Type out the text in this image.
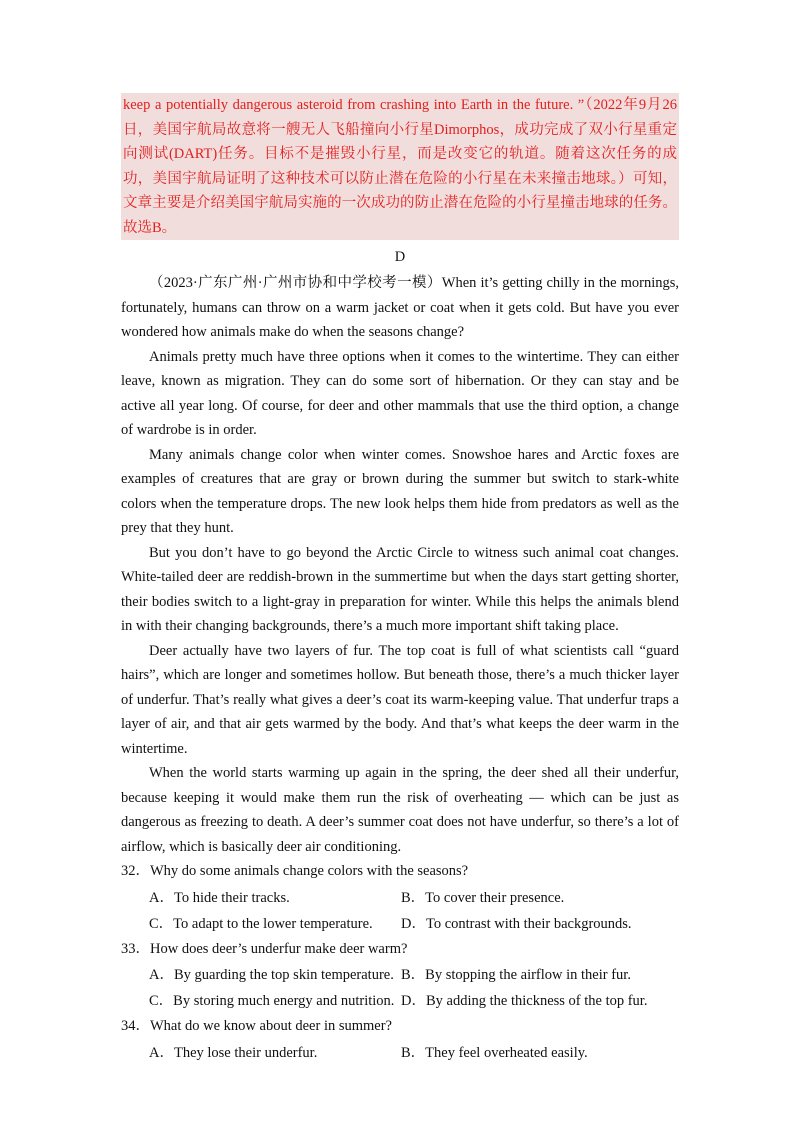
keep a potentially dangerous asteroid from crashing into Earth in the future. ”（2022年9月26日，美国宇航局故意将一艘无人飞船撞向小行星Dimorphos，成功完成了双小行星重定向测试(DART)任务。目标不是摧毁小行星，而是改变它的轨道。随着这次任务的成功，美国宇航局证明了这种技术可以防止潜在危险的小行星在未来撞击地球。）可知，文章主要是介绍美国宇航局实施的一次成功的防止潜在危险的小行星撞击地球的任务。故选B。

D

（2023·广东广州·广州市协和中学校考一模）When it’s getting chilly in the mornings, fortunately, humans can throw on a warm jacket or coat when it gets cold. But have you ever wondered how animals make do when the seasons change?

Animals pretty much have three options when it comes to the wintertime. They can either leave, known as migration. They can do some sort of hibernation. Or they can stay and be active all year long. Of course, for deer and other mammals that use the third option, a change of wardrobe is in order.

Many animals change color when winter comes. Snowshoe hares and Arctic foxes are examples of creatures that are gray or brown during the summer but switch to stark-white colors when the temperature drops. The new look helps them hide from predators as well as the prey that they hunt.

But you don’t have to go beyond the Arctic Circle to witness such animal coat changes. White-tailed deer are reddish-brown in the summertime but when the days start getting shorter, their bodies switch to a light-gray in preparation for winter. While this helps the animals blend in with their changing backgrounds, there’s a much more important shift taking place.

Deer actually have two layers of fur. The top coat is full of what scientists call “guard hairs”, which are longer and sometimes hollow. But beneath those, there’s a much thicker layer of underfur. That’s really what gives a deer’s coat its warm-keeping value. That underfur traps a layer of air, and that air gets warmed by the body. And that’s what keeps the deer warm in the wintertime.

When the world starts warming up again in the spring, the deer shed all their underfur, because keeping it would make them run the risk of overheating — which can be just as dangerous as freezing to death. A deer’s summer coat does not have underfur, so there’s a lot of airflow, which is basically deer air conditioning.

32．Why do some animals change colors with the seasons?
A．To hide their tracks.	B．To cover their presence.
C．To adapt to the lower temperature.	D．To contrast with their backgrounds.
33．How does deer’s underfur make deer warm?
A．By guarding the top skin temperature. B．By stopping the airflow in their fur.
C．By storing much energy and nutrition. D．By adding the thickness of the top fur.
34．What do we know about deer in summer?
A．They lose their underfur.	B．They feel overheated easily.
